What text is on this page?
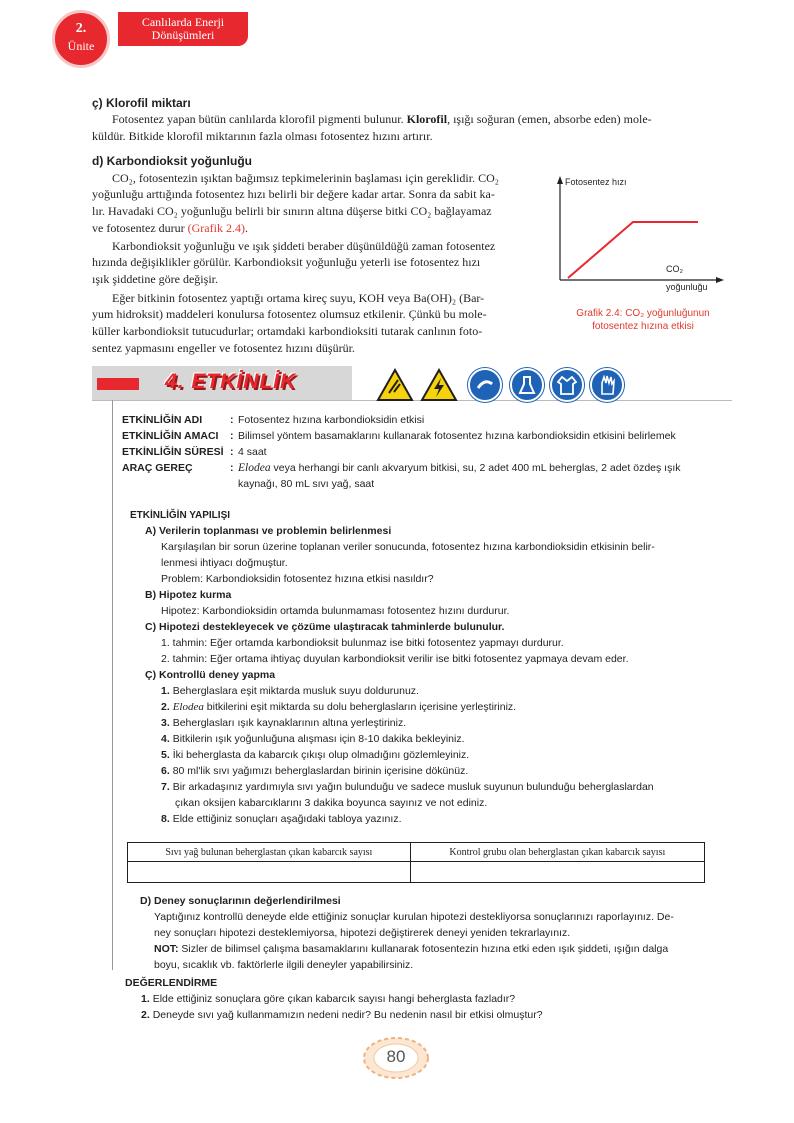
2.
Ünite
Canlılarda Enerji
Dönüşümleri
ç) Klorofil miktarı
Fotosentez yapan bütün canlılarda klorofil pigmenti bulunur. Klorofil, ışığı soğuran (emen, absorbe eden) mole-
küldür. Bitkide klorofil miktarının fazla olması fotosentez hızını artırır.
d) Karbondioksit yoğunluğu
CO₂, fotosentezin ışıktan bağımsız tepkimelerinin başlaması için gereklidir. CO₂
yoğunluğu arttığında fotosentez hızı belirli bir değere kadar artar. Sonra da sabit ka-
lır. Havadaki CO₂ yoğunluğu belirli bir sınırın altına düşerse bitki CO₂ bağlayamaz
ve fotosentez durur (Grafik 2.4).
Karbondioksit yoğunluğu ve ışık şiddeti beraber düşünüldüğü zaman fotosentez
hızında değişiklikler görülür. Karbondioksit yoğunluğu yeterli ise fotosentez hızı
ışık şiddetine göre değişir.
Eğer bitkinin fotosentez yaptığı ortama kireç suyu, KOH veya Ba(OH)₂ (Bar-
yum hidroksit) maddeleri konulursa fotosentez olumsuz etkilenir. Çünkü bu mole-
küller karbondioksit tutucudurlar; ortamdaki karbondioksiti tutarak canlının foto-
sentez yapmasını engeller ve fotosentez hızını düşürür.
Fotosentez hızı
CO₂
yoğunluğu
Grafik 2.4: CO₂ yoğunluğunun
fotosentez hızına etkisi
4. ETKİNLİK
ETKİNLİĞİN ADI	: Fotosentez hızına karbondioksidin etkisi
ETKİNLİĞİN AMACI : Bilimsel yöntem basamaklarını kullanarak fotosentez hızına karbondioksidin etkisini belirlemek
ETKİNLİĞİN SÜRESİ : 4 saat
ARAÇ GEREÇ	: Elodea veya herhangi bir canlı akvaryum bitkisi, su, 2 adet 400 mL beherglas, 2 adet özdeş ışık
kaynağı, 80 mL sıvı yağ, saat
ETKİNLİĞİN YAPILIŞI
A) Verilerin toplanması ve problemin belirlenmesi
Karşılaşılan bir sorun üzerine toplanan veriler sonucunda, fotosentez hızına karbondioksidin etkisinin belir-
lenmesi ihtiyacı doğmuştur.
Problem: Karbondioksidin fotosentez hızına etkisi nasıldır?
B) Hipotez kurma
Hipotez: Karbondioksidin ortamda bulunmaması fotosentez hızını durdurur.
C) Hipotezi destekleyecek ve çözüme ulaştıracak tahminlerde bulunulur.
1. tahmin: Eğer ortamda karbondioksit bulunmaz ise bitki fotosentez yapmayı durdurur.
2. tahmin: Eğer ortama ihtiyaç duyulan karbondioksit verilir ise bitki fotosentez yapmaya devam eder.
Ç) Kontrollü deney yapma
1. Beherglaslara eşit miktarda musluk suyu doldurunuz.
2. Elodea bitkilerini eşit miktarda su dolu beherglasların içerisine yerleştiriniz.
3. Beherglasları ışık kaynaklarının altına yerleştiriniz.
4. Bitkilerin ışık yoğunluğuna alışması için 8-10 dakika bekleyiniz.
5. İki beherglasta da kabarcık çıkışı olup olmadığını gözlemleyiniz.
6. 80 ml'lik sıvı yağımızı beherglaslardan birinin içerisine dökünüz.
7. Bir arkadaşınız yardımıyla sıvı yağın bulunduğu ve sadece musluk suyunun bulunduğu beherglaslardan
çıkan oksijen kabarcıklarını 3 dakika boyunca sayınız ve not ediniz.
8. Elde ettiğiniz sonuçları aşağıdaki tabloya yazınız.
Sıvı yağ bulunan beherglastan çıkan kabarcık sayısı	Kontrol grubu olan beherglastan çıkan kabarcık sayısı

D) Deney sonuçlarının değerlendirilmesi
Yaptığınız kontrollü deneyde elde ettiğiniz sonuçlar kurulan hipotezi destekliyorsa sonuçlarınızı raporlayınız. De-
ney sonuçları hipotezi desteklemiyorsa, hipotezi değiştirerek deneyi yeniden tekrarlayınız.
NOT: Sizler de bilimsel çalışma basamaklarını kullanarak fotosentezin hızına etki eden ışık şiddeti, ışığın dalga
boyu, sıcaklık vb. faktörlerle ilgili deneyler yapabilirsiniz.
DEĞERLENDİRME
1. Elde ettiğiniz sonuçlara göre çıkan kabarcık sayısı hangi beherglasta fazladır?
2. Deneyde sıvı yağ kullanmamızın nedeni nedir? Bu nedenin nasıl bir etkisi olmuştur?
80
